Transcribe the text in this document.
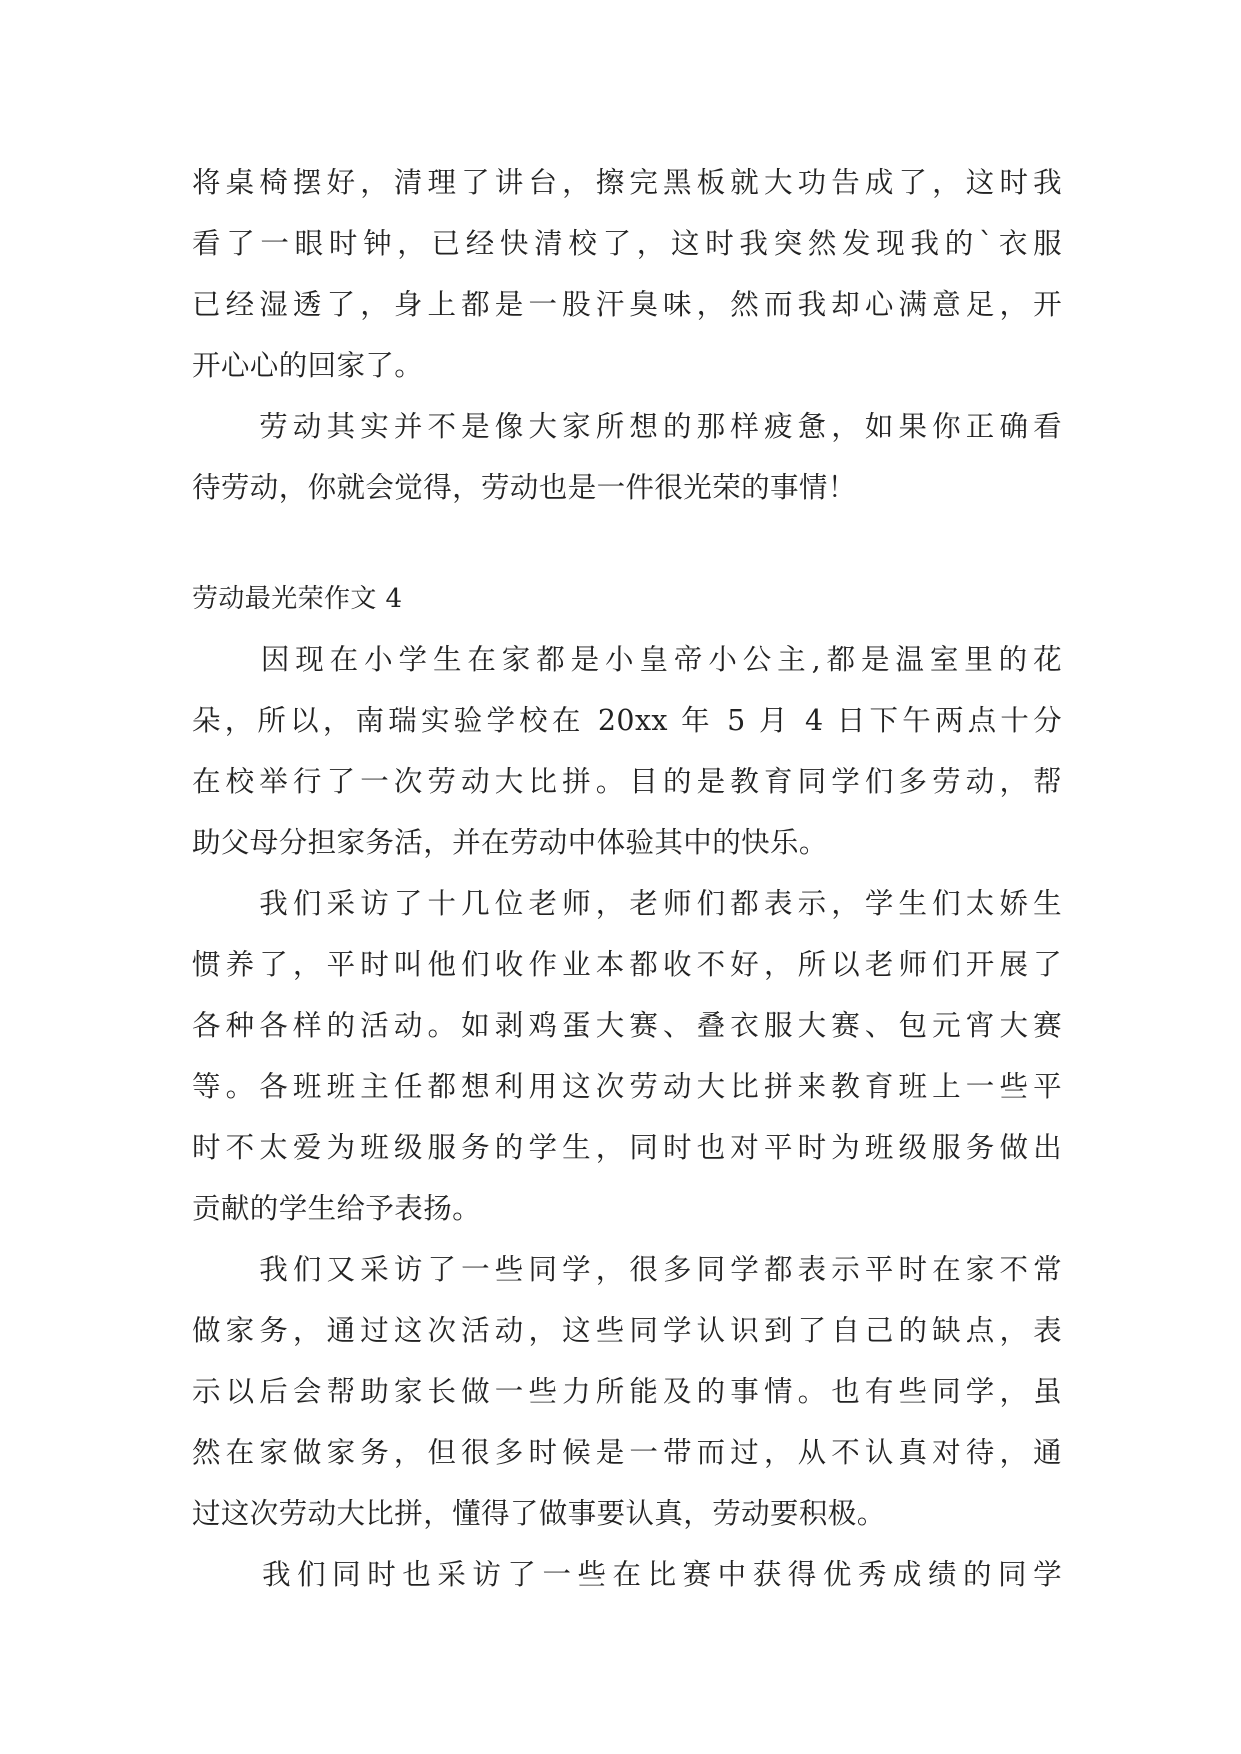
将桌椅摆好，清理了讲台，擦完黑板就大功告成了，这时我
看了一眼时钟，已经快清校了，这时我突然发现我的`衣服
已经湿透了，身上都是一股汗臭味，然而我却心满意足，开
开心心的回家了。
　　劳动其实并不是像大家所想的那样疲惫，如果你正确看
待劳动，你就会觉得，劳动也是一件很光荣的事情！
劳动最光荣作文 4
　　因现在小学生在家都是小皇帝小公主,都是温室里的花
朵，所以，南瑞实验学校在 20xx 年 5 月 4 日下午两点十分
在校举行了一次劳动大比拼。目的是教育同学们多劳动，帮
助父母分担家务活，并在劳动中体验其中的快乐。
　　我们采访了十几位老师，老师们都表示，学生们太娇生
惯养了，平时叫他们收作业本都收不好，所以老师们开展了
各种各样的活动。如剥鸡蛋大赛、叠衣服大赛、包元宵大赛
等。各班班主任都想利用这次劳动大比拼来教育班上一些平
时不太爱为班级服务的学生，同时也对平时为班级服务做出
贡献的学生给予表扬。
　　我们又采访了一些同学，很多同学都表示平时在家不常
做家务，通过这次活动，这些同学认识到了自己的缺点，表
示以后会帮助家长做一些力所能及的事情。也有些同学，虽
然在家做家务，但很多时候是一带而过，从不认真对待，通
过这次劳动大比拼，懂得了做事要认真，劳动要积极。
　　我们同时也采访了一些在比赛中获得优秀成绩的同学
